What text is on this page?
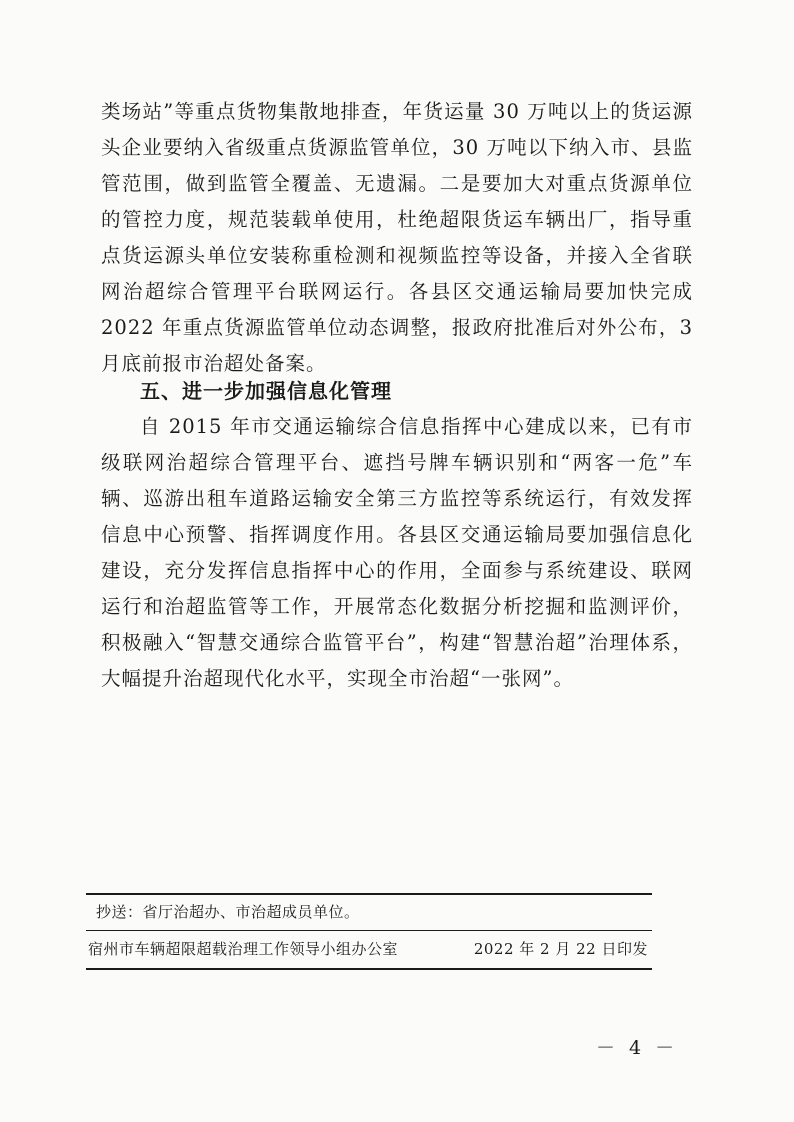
类场站”等重点货物集散地排查，年货运量 30 万吨以上的货运源头企业要纳入省级重点货源监管单位，30 万吨以下纳入市、县监管范围，做到监管全覆盖、无遗漏。二是要加大对重点货源单位的管控力度，规范装载单使用，杜绝超限货运车辆出厂，指导重点货运源头单位安装称重检测和视频监控等设备，并接入全省联网治超综合管理平台联网运行。各县区交通运输局要加快完成 2022 年重点货源监管单位动态调整，报政府批准后对外公布，3 月底前报市治超处备案。

五、进一步加强信息化管理

自 2015 年市交通运输综合信息指挥中心建成以来，已有市级联网治超综合管理平台、遮挡号牌车辆识别和“两客一危”车辆、巡游出租车道路运输安全第三方监控等系统运行，有效发挥信息中心预警、指挥调度作用。各县区交通运输局要加强信息化建设，充分发挥信息指挥中心的作用，全面参与系统建设、联网运行和治超监管等工作，开展常态化数据分析挖掘和监测评价，积极融入“智慧交通综合监管平台”，构建“智慧治超”治理体系，大幅提升治超现代化水平，实现全市治超“一张网”。

抄送：省厅治超办、市治超成员单位。

宿州市车辆超限超载治理工作领导小组办公室	2022 年 2 月 22 日印发

－ 4 －
